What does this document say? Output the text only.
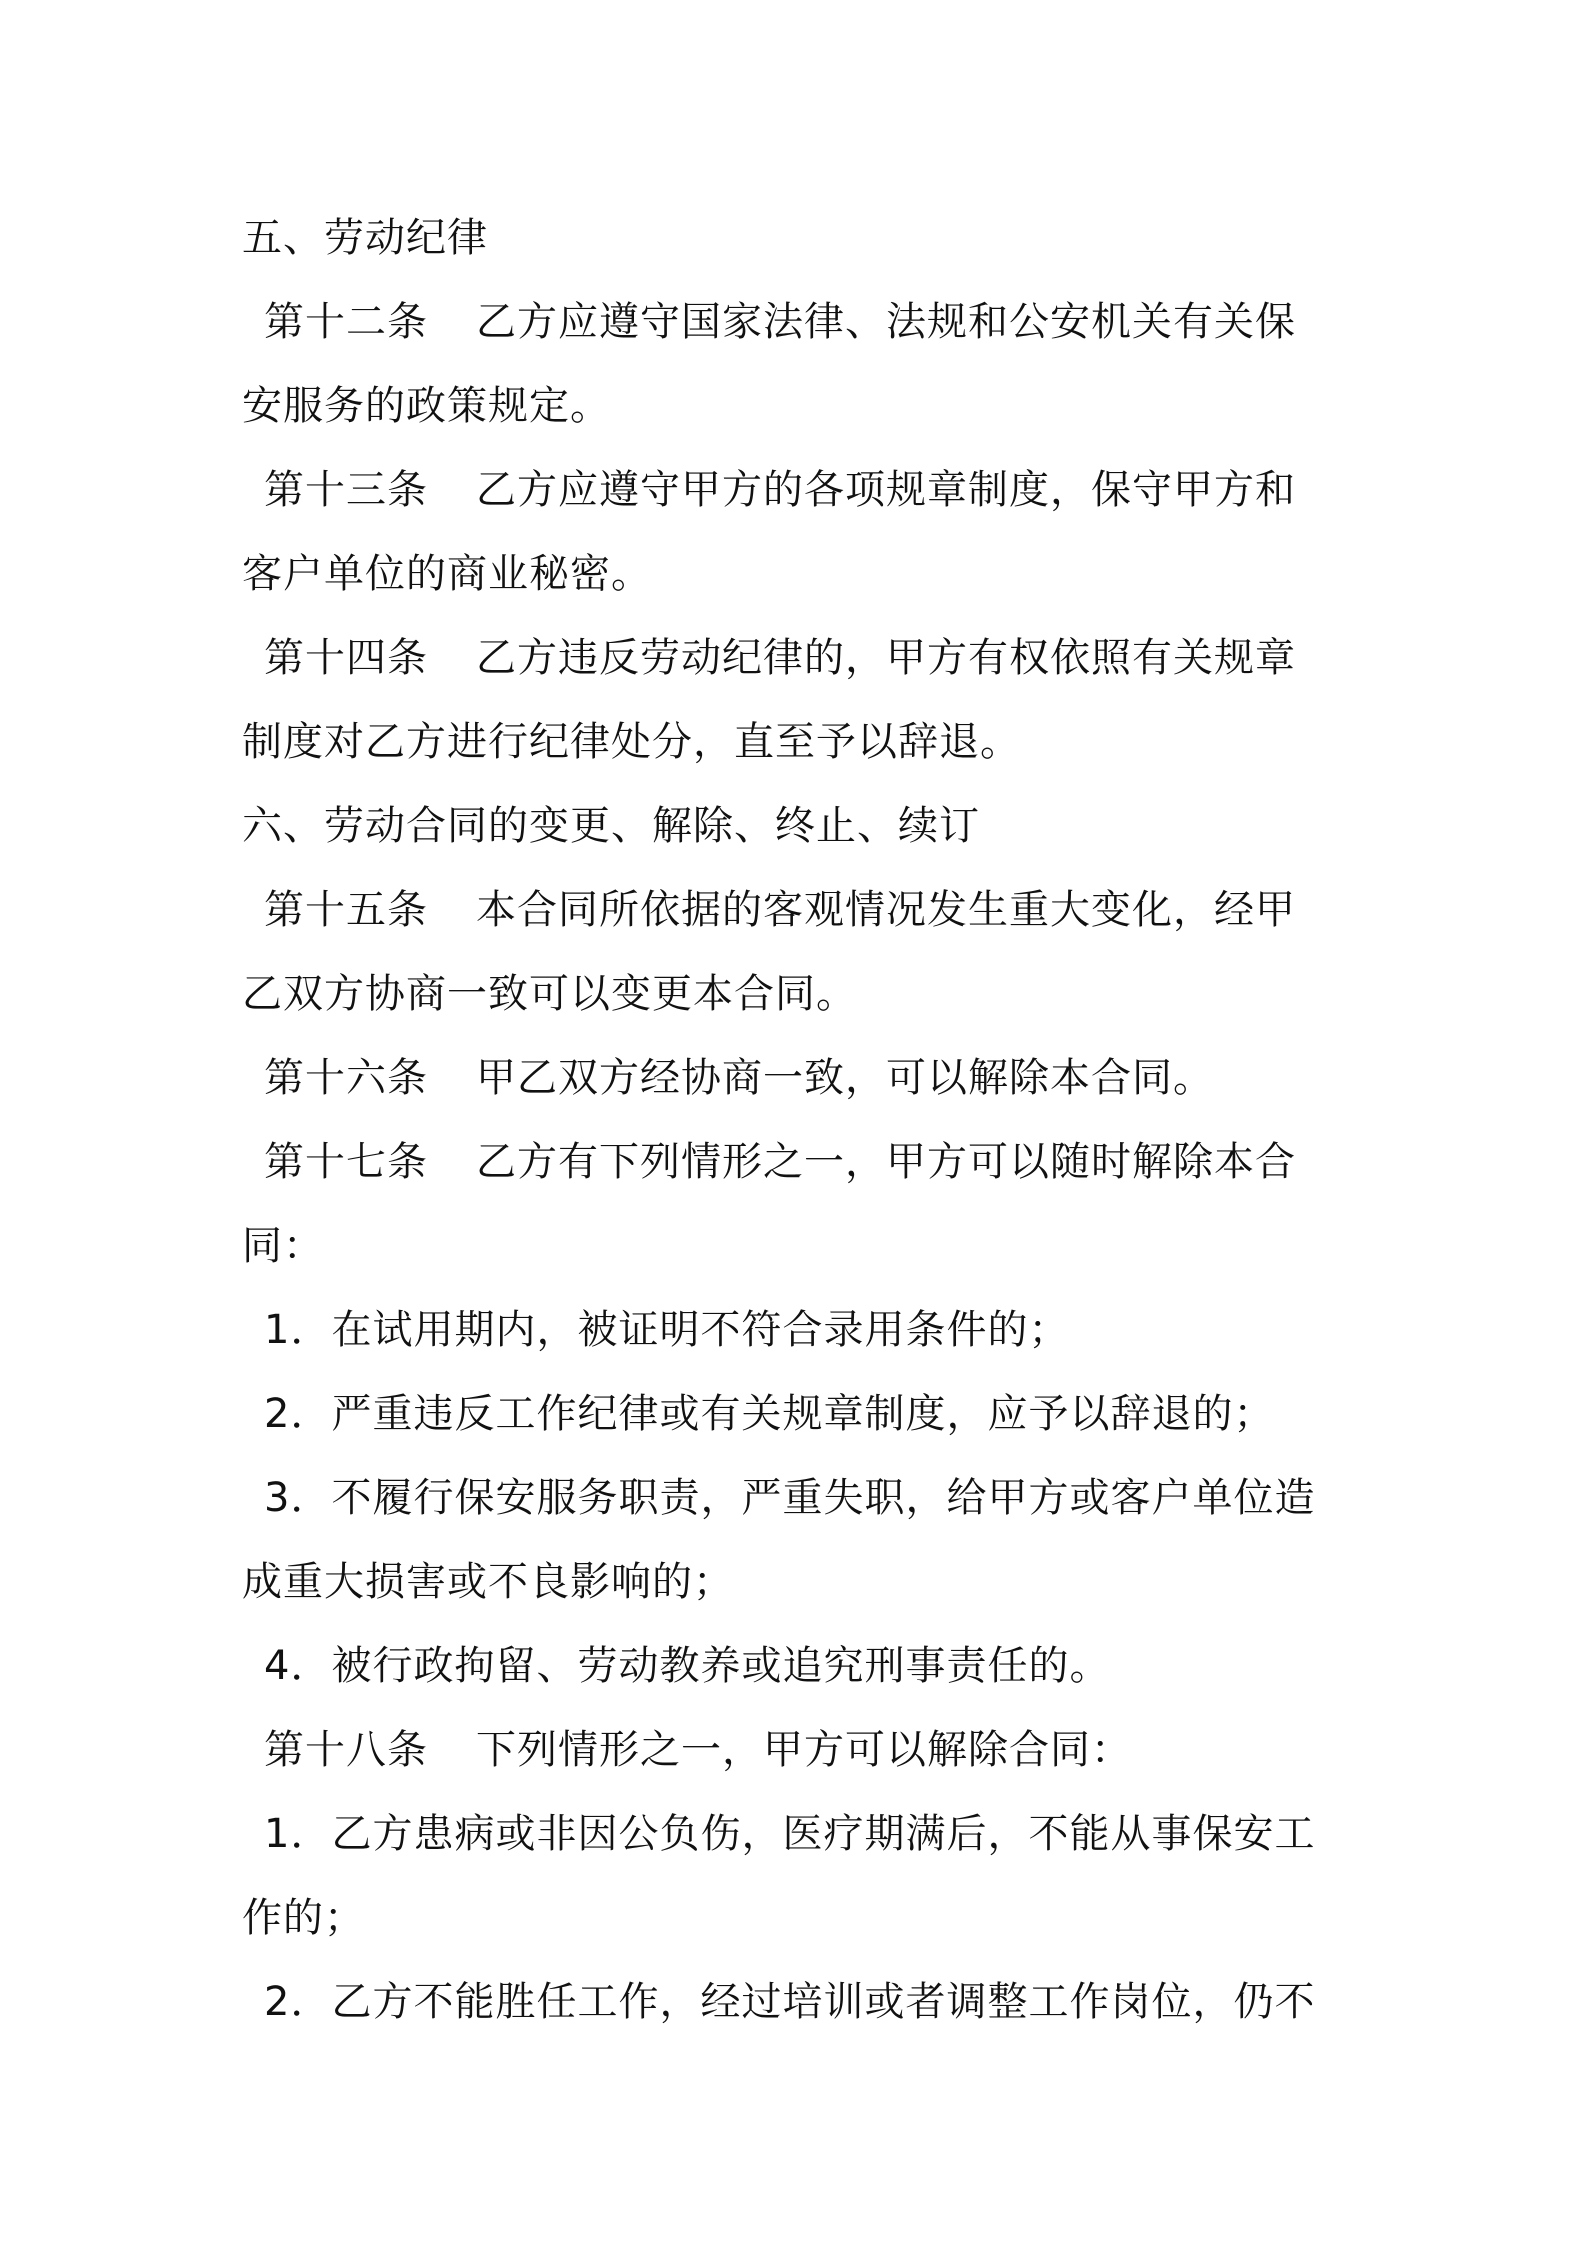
五、劳动纪律
第十二条 乙方应遵守国家法律、法规和公安机关有关保
安服务的政策规定。
第十三条 乙方应遵守甲方的各项规章制度，保守甲方和
客户单位的商业秘密。
第十四条 乙方违反劳动纪律的，甲方有权依照有关规章
制度对乙方进行纪律处分，直至予以辞退。
六、劳动合同的变更、解除、终止、续订
第十五条 本合同所依据的客观情况发生重大变化，经甲
乙双方协商一致可以变更本合同。
第十六条 甲乙双方经协商一致，可以解除本合同。
第十七条 乙方有下列情形之一，甲方可以随时解除本合
同：
1．在试用期内，被证明不符合录用条件的；
2．严重违反工作纪律或有关规章制度，应予以辞退的；
3．不履行保安服务职责，严重失职，给甲方或客户单位造
成重大损害或不良影响的；
4．被行政拘留、劳动教养或追究刑事责任的。
第十八条 下列情形之一，甲方可以解除合同：
1．乙方患病或非因公负伤，医疗期满后，不能从事保安工
作的；
2．乙方不能胜任工作，经过培训或者调整工作岗位，仍不
